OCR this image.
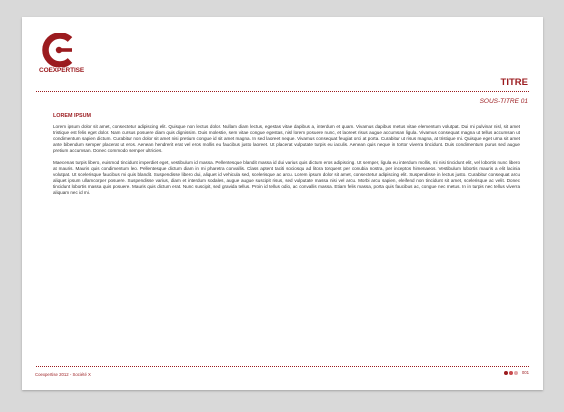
COEXPERTISE
TITRE
SOUS-TITRE 01
LOREM IPSUM

Lorem ipsum dolor sit amet, consectetur adipiscing elit. Quisque non lectus dolor. Nullam diam lectus, egestas vitae dapibus a, interdum et quam. Vivamus dapibus metus vitae elementum volutpat. Dui mi pulvinar nisl, sit amet tristique est felis eget dolor. Nam cursus posuere diam quis dignissim. Duis molestie, sem vitae congue egestas, nisl lorem posuere nunc, et laoreet risus augue accumsan ligula. Vivamus consequat magna ut tellus accumsan ut condimentum sapien dictum. Curabitur non dolor sit amet nisi pretium congue id sit amet magna. In sed laoreet neque. Vivamus consequat feugiat orci at porta. Curabitur ut risus magna, at tristique mi. Quisque eget urna sit amet ante bibendum semper placerat ut eros. Aenean hendrerit erat vel eros mollis eu faucibus justo laoreet. Ut placerat vulputate turpis eu iaculis. Aenean quis neque in tortor viverra tincidunt. Duis condimentum purus sed augue pretium accumsan. Donec commodo semper ultricies.

Maecenas turpis libero, euismod tincidunt imperdiet eget, vestibulum id massa. Pellentesque blandit massa id dui varius quis dictum eros adipiscing. Ut semper, ligula eu interdum mollis, mi nisi tincidunt elit, vel lobortis nunc libero at mauris. Mauris quis condimentum leo. Pellentesque dictum diam in mi pharetra convallis. Class aptent taciti sociosqu ad litora torquent per conubia nostra, per inceptos himenaeos. Vestibulum lobortis mauris a elit lacinia volutpat. Ut scelerisque faucibus mi quis blandit. Suspendisse libero dui, aliquet id vehicula sed, scelerisque ac arcu. Lorem ipsum dolor sit amet, consectetur adipiscing elit. Suspendisse in lectus justo. Curabitur consequat arcu aliquet ipsum ullamcorper posuere. Suspendisse varius, diam et interdum sodales, augue augue suscipit risus, sed vulputate massa nisi vel arcu. Morbi arcu sapien, eleifend non tincidunt sit amet, scelerisque ac velit. Donec tincidunt lobortis massa quis posuere. Mauris quis dictum erat. Nunc suscipit, sed gravida tellus. Proin id tellus odio, ac convallis massa. Etiam felis massa, porta quis faucibus ac, congue nec metus. In in turpis nec tellus viverra aliquam nec id mi.

Coexpertise 2012 - Société X	001
